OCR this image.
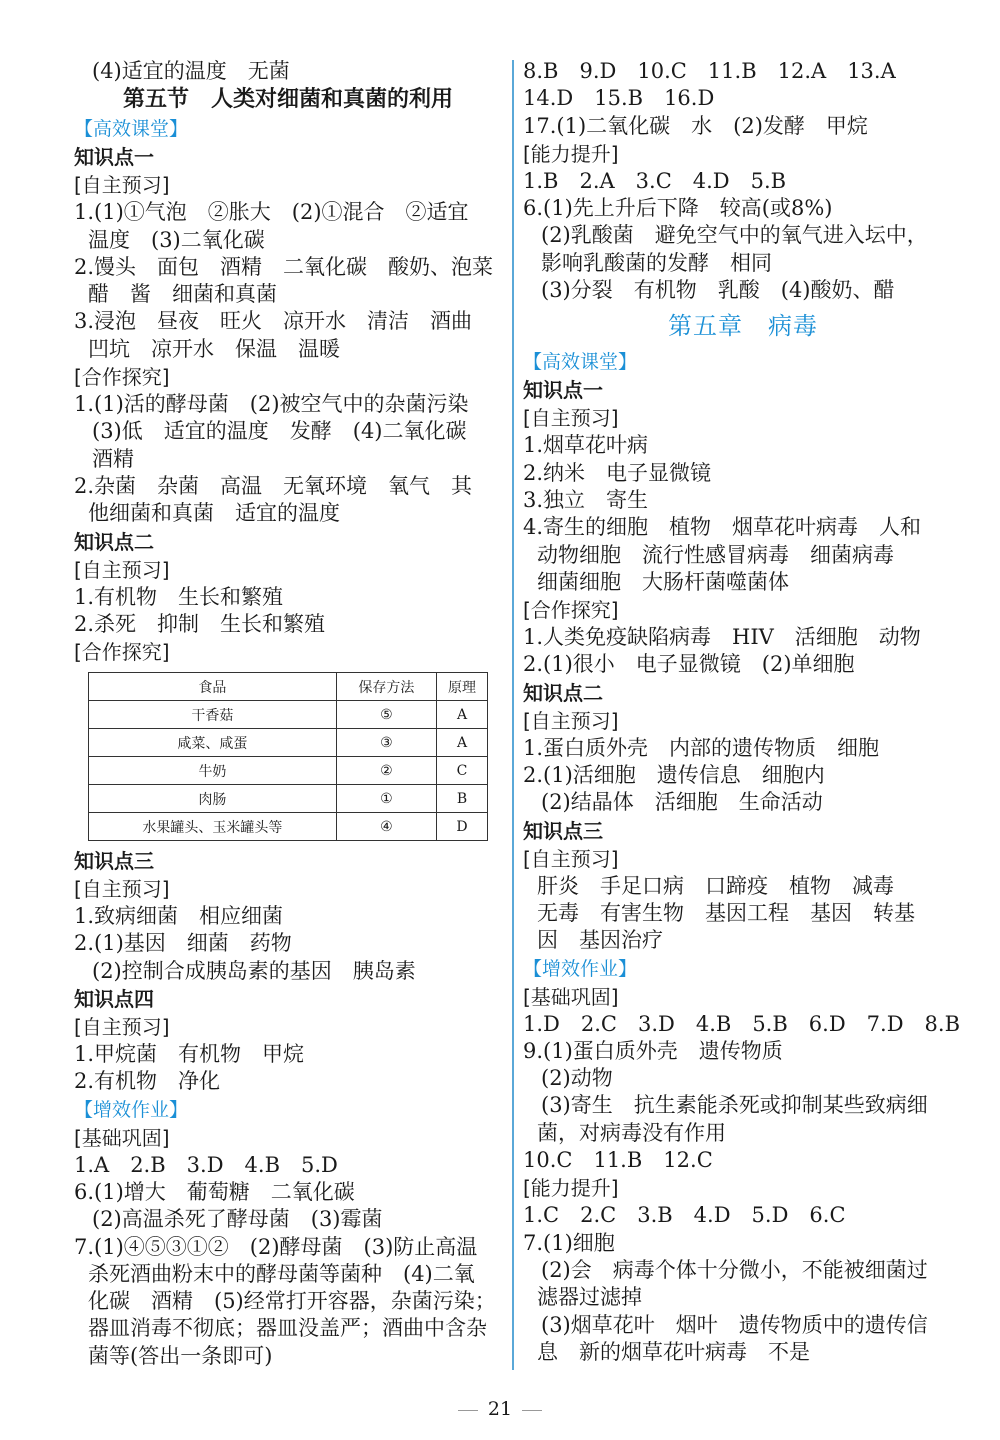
(4)适宜的温度　无菌
第五节　人类对细菌和真菌的利用
【高效课堂】
知识点一
[自主预习]
1.(1)①气泡　②胀大　(2)①混合　②适宜
温度　(3)二氧化碳
2.馒头　面包　酒精　二氧化碳　酸奶、泡菜
醋　酱　细菌和真菌
3.浸泡　昼夜　旺火　凉开水　清洁　酒曲
凹坑　凉开水　保温　温暖
[合作探究]
1.(1)活的酵母菌　(2)被空气中的杂菌污染
(3)低　适宜的温度　发酵　(4)二氧化碳
酒精
2.杂菌　杂菌　高温　无氧环境　氧气　其
他细菌和真菌　适宜的温度
知识点二
[自主预习]
1.有机物　生长和繁殖
2.杀死　抑制　生长和繁殖
[合作探究]
食品	保存方法	原理
干香菇	⑤	A
咸菜、咸蛋	③	A
牛奶	②	C
肉肠	①	B
水果罐头、玉米罐头等	④	D
知识点三
[自主预习]
1.致病细菌　相应细菌
2.(1)基因　细菌　药物
(2)控制合成胰岛素的基因　胰岛素
知识点四
[自主预习]
1.甲烷菌　有机物　甲烷
2.有机物　净化
【增效作业】
[基础巩固]
1.A　2.B　3.D　4.B　5.D
6.(1)增大　葡萄糖　二氧化碳
(2)高温杀死了酵母菌　(3)霉菌
7.(1)④⑤③①②　(2)酵母菌　(3)防止高温
杀死酒曲粉末中的酵母菌等菌种　(4)二氧
化碳　酒精　(5)经常打开容器，杂菌污染；
器皿消毒不彻底；器皿没盖严；酒曲中含杂
菌等(答出一条即可)
8.B　9.D　10.C　11.B　12.A　13.A
14.D　15.B　16.D
17.(1)二氧化碳　水　(2)发酵　甲烷
[能力提升]
1.B　2.A　3.C　4.D　5.B
6.(1)先上升后下降　较高(或8%)
(2)乳酸菌　避免空气中的氧气进入坛中，
影响乳酸菌的发酵　相同
(3)分裂　有机物　乳酸　(4)酸奶、醋
第五章　病毒
【高效课堂】
知识点一
[自主预习]
1.烟草花叶病
2.纳米　电子显微镜
3.独立　寄生
4.寄生的细胞　植物　烟草花叶病毒　人和
动物细胞　流行性感冒病毒　细菌病毒
细菌细胞　大肠杆菌噬菌体
[合作探究]
1.人类免疫缺陷病毒　HIV　活细胞　动物
2.(1)很小　电子显微镜　(2)单细胞
知识点二
[自主预习]
1.蛋白质外壳　内部的遗传物质　细胞
2.(1)活细胞　遗传信息　细胞内
(2)结晶体　活细胞　生命活动
知识点三
[自主预习]
肝炎　手足口病　口蹄疫　植物　减毒
无毒　有害生物　基因工程　基因　转基
因　基因治疗
【增效作业】
[基础巩固]
1.D　2.C　3.D　4.B　5.B　6.D　7.D　8.B
9.(1)蛋白质外壳　遗传物质
(2)动物
(3)寄生　抗生素能杀死或抑制某些致病细
菌，对病毒没有作用
10.C　11.B　12.C
[能力提升]
1.C　2.C　3.B　4.D　5.D　6.C
7.(1)细胞
(2)会　病毒个体十分微小，不能被细菌过
滤器过滤掉
(3)烟草花叶　烟叶　遗传物质中的遗传信
息　新的烟草花叶病毒　不是
21
